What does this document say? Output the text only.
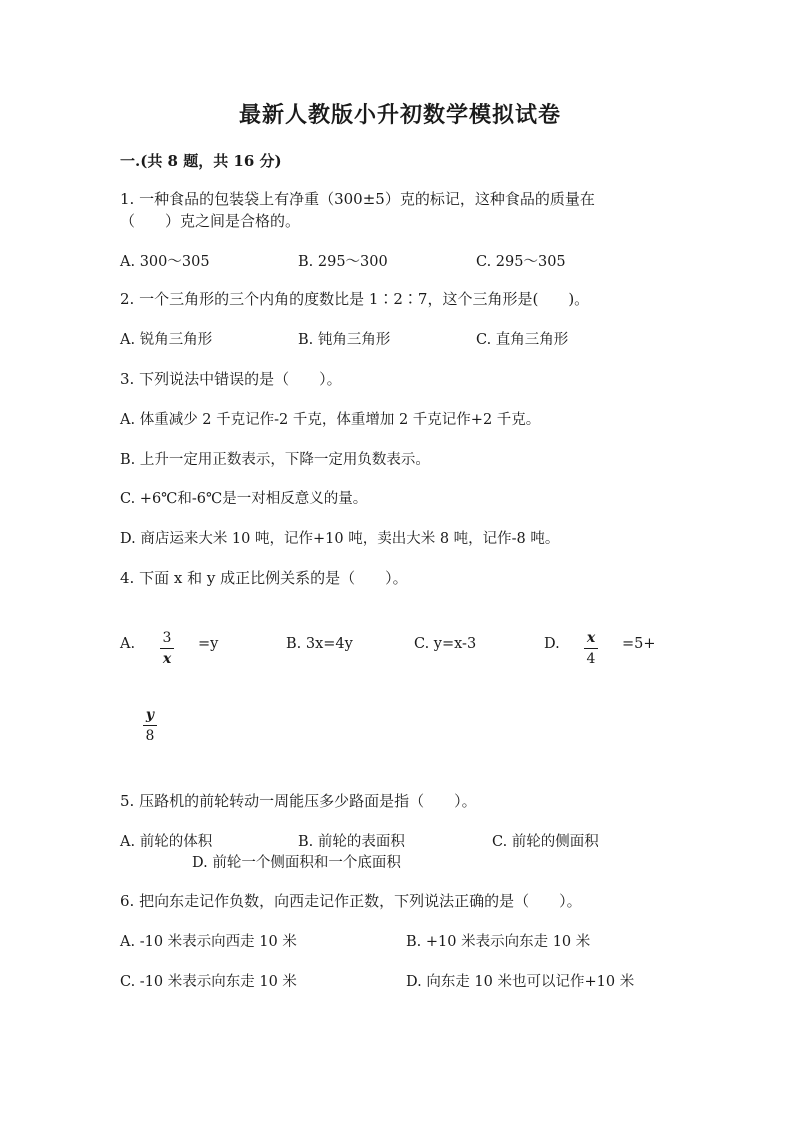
最新人教版小升初数学模拟试卷
一.(共 8 题，共 16 分)
1. 一种食品的包装袋上有净重（300±5）克的标记，这种食品的质量在
（　　）克之间是合格的。
A. 300～305	B. 295～300	C. 295～305
2. 一个三角形的三个内角的度数比是 1∶2∶7，这个三角形是(　　)。
A. 锐角三角形	B. 钝角三角形	C. 直角三角形
3. 下列说法中错误的是（　　）。
A. 体重减少 2 千克记作-2 千克，体重增加 2 千克记作+2 千克。
B. 上升一定用正数表示，下降一定用负数表示。
C. +6℃和-6℃是一对相反意义的量。
D. 商店运来大米 10 吨，记作+10 吨，卖出大米 8 吨，记作-8 吨。
4. 下面 x 和 y 成正比例关系的是（　　）。
A. 3
x
=y	B. 3x=4y	C. y=x-3	D. x
4
=5+
y
8
5. 压路机的前轮转动一周能压多少路面是指（　　）。
A. 前轮的体积	B. 前轮的表面积	C. 前轮的侧面积
D. 前轮一个侧面积和一个底面积
6. 把向东走记作负数，向西走记作正数，下列说法正确的是（　　）。
A. -10 米表示向西走 10 米	B. +10 米表示向东走 10 米
C. -10 米表示向东走 10 米	D. 向东走 10 米也可以记作+10 米
